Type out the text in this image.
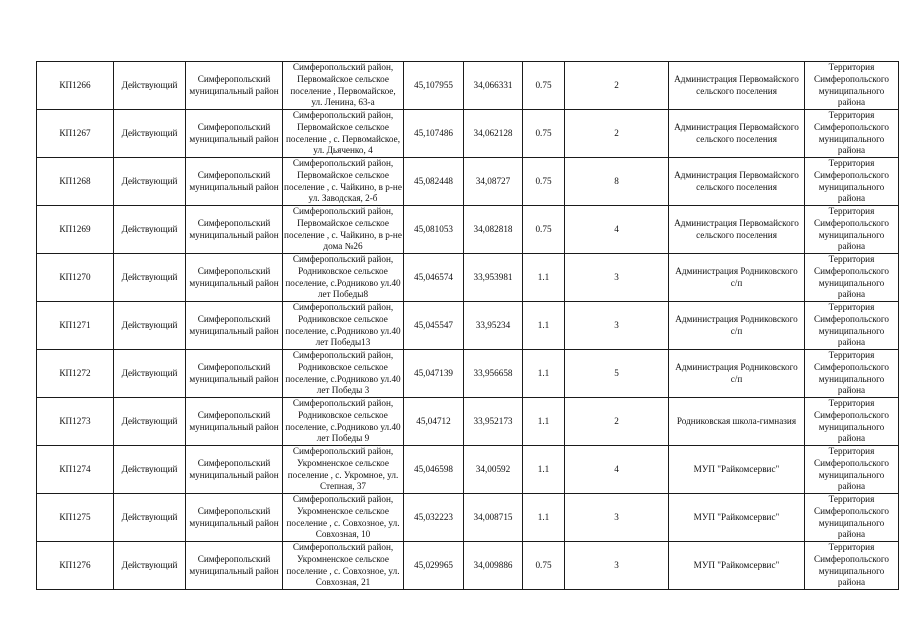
КП1266	Действующий	Симферопольский муниципальный район	Симферопольский район, Первомайское сельское поселение , Первомайское, ул. Ленина, 63-а	45,107955	34,066331	0.75	2	Администрация Первомайского сельского поселения	Территория Симферопольского муниципального района
КП1267	Действующий	Симферопольский муниципальный район	Симферопольский район, Первомайское сельское поселение , с. Первомайское, ул. Дьяченко, 4	45,107486	34,062128	0.75	2	Администрация Первомайского сельского поселения	Территория Симферопольского муниципального района
КП1268	Действующий	Симферопольский муниципальный район	Симферопольский район, Первомайское сельское поселение , с. Чайкино, в р-не ул. Заводская, 2-б	45,082448	34,08727	0.75	8	Администрация Первомайского сельского поселения	Территория Симферопольского муниципального района
КП1269	Действующий	Симферопольский муниципальный район	Симферопольский район, Первомайское сельское поселение , с. Чайкино, в р-не дома №26	45,081053	34,082818	0.75	4	Администрация Первомайского сельского поселения	Территория Симферопольского муниципального района
КП1270	Действующий	Симферопольский муниципальный район	Симферопольский район, Родниковское сельское поселение, с.Родниково ул.40 лет Победы8	45,046574	33,953981	1.1	3	Администрация Родниковского с/п	Территория Симферопольского муниципального района
КП1271	Действующий	Симферопольский муниципальный район	Симферопольский район, Родниковское сельское поселение, с.Родниково ул.40 лет Победы13	45,045547	33,95234	1.1	3	Администрация Родниковского с/п	Территория Симферопольского муниципального района
КП1272	Действующий	Симферопольский муниципальный район	Симферопольский район, Родниковское сельское поселение, с.Родниково ул.40 лет Победы 3	45,047139	33,956658	1.1	5	Администрация Родниковского с/п	Территория Симферопольского муниципального района
КП1273	Действующий	Симферопольский муниципальный район	Симферопольский район, Родниковское сельское поселение, с.Родниково ул.40 лет Победы 9	45,04712	33,952173	1.1	2	Родниковская школа-гимназия	Территория Симферопольского муниципального района
КП1274	Действующий	Симферопольский муниципальный район	Симферопольский район, Укромненское сельское поселение , с. Укромное, ул. Степная, 37	45,046598	34,00592	1.1	4	МУП "Райкомсервис"	Территория Симферопольского муниципального района
КП1275	Действующий	Симферопольский муниципальный район	Симферопольский район, Укромненское сельское поселение , с. Совхозное, ул. Совхозная, 10	45,032223	34,008715	1.1	3	МУП "Райкомсервис"	Территория Симферопольского муниципального района
КП1276	Действующий	Симферопольский муниципальный район	Симферопольский район, Укромненское сельское поселение , с. Совхозное, ул. Совхозная, 21	45,029965	34,009886	0.75	3	МУП "Райкомсервис"	Территория Симферопольского муниципального района
